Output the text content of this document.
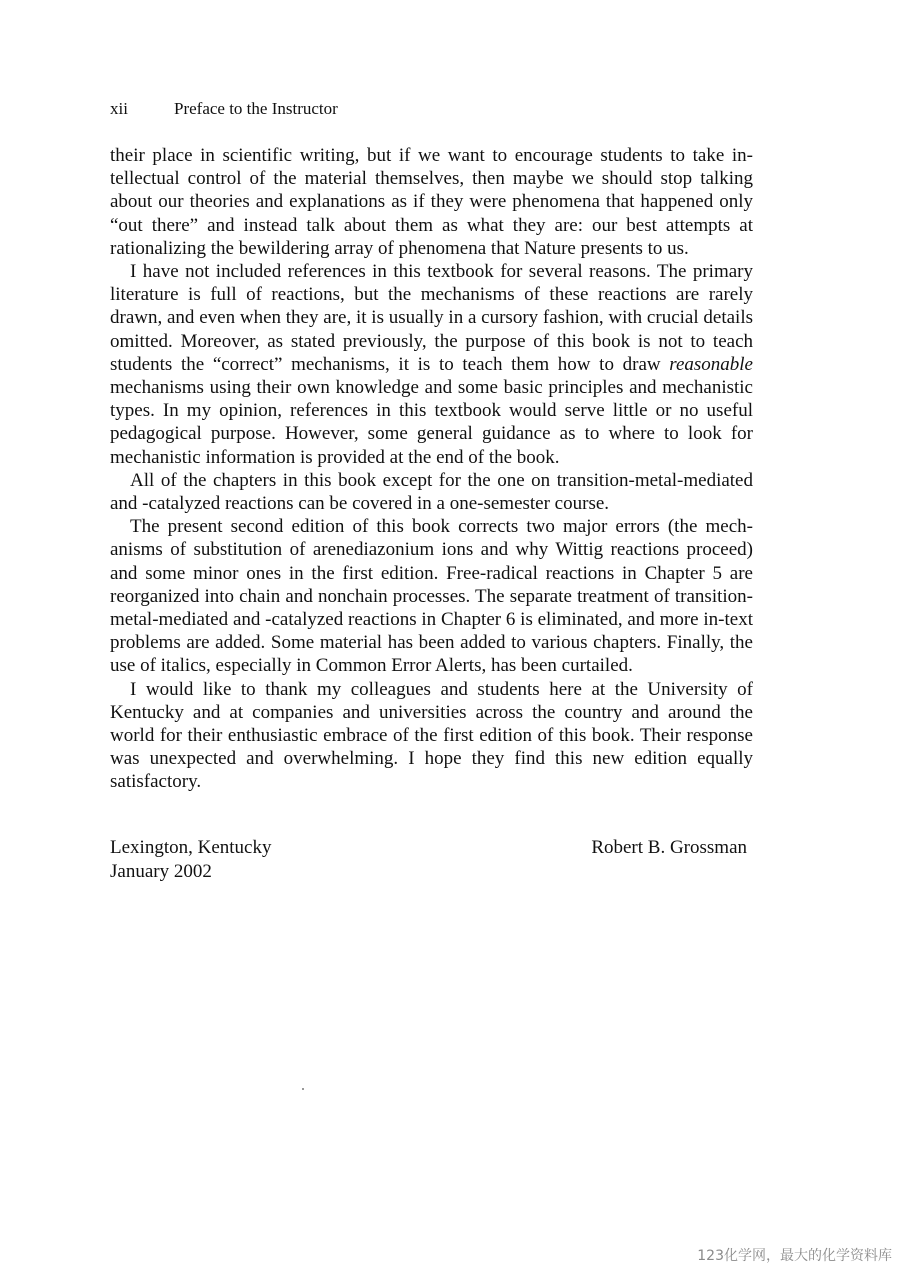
xii	Preface to the Instructor

their place in scientific writing, but if we want to encourage students to take intellectual control of the material themselves, then maybe we should stop talking about our theories and explanations as if they were phenomena that happened only “out there” and instead talk about them as what they are: our best attempts at rationalizing the bewildering array of phenomena that Nature presents to us.

I have not included references in this textbook for several reasons. The primary literature is full of reactions, but the mechanisms of these reactions are rarely drawn, and even when they are, it is usually in a cursory fashion, with crucial details omitted. Moreover, as stated previously, the purpose of this book is not to teach students the “correct” mechanisms, it is to teach them how to draw reasonable mechanisms using their own knowledge and some basic principles and mechanistic types. In my opinion, references in this textbook would serve little or no useful pedagogical purpose. However, some general guidance as to where to look for mechanistic information is provided at the end of the book.

All of the chapters in this book except for the one on transition-metal-mediated and -catalyzed reactions can be covered in a one-semester course.

The present second edition of this book corrects two major errors (the mechanisms of substitution of arenediazonium ions and why Wittig reactions proceed) and some minor ones in the first edition. Free-radical reactions in Chapter 5 are reorganized into chain and nonchain processes. The separate treatment of transition-metal-mediated and -catalyzed reactions in Chapter 6 is eliminated, and more in-text problems are added. Some material has been added to various chapters. Finally, the use of italics, especially in Common Error Alerts, has been curtailed.

I would like to thank my colleagues and students here at the University of Kentucky and at companies and universities across the country and around the world for their enthusiastic embrace of the first edition of this book. Their response was unexpected and overwhelming. I hope they find this new edition equally satisfactory.

Lexington, Kentucky
January 2002
Robert B. Grossman
123化学网，最大的化学资料库
